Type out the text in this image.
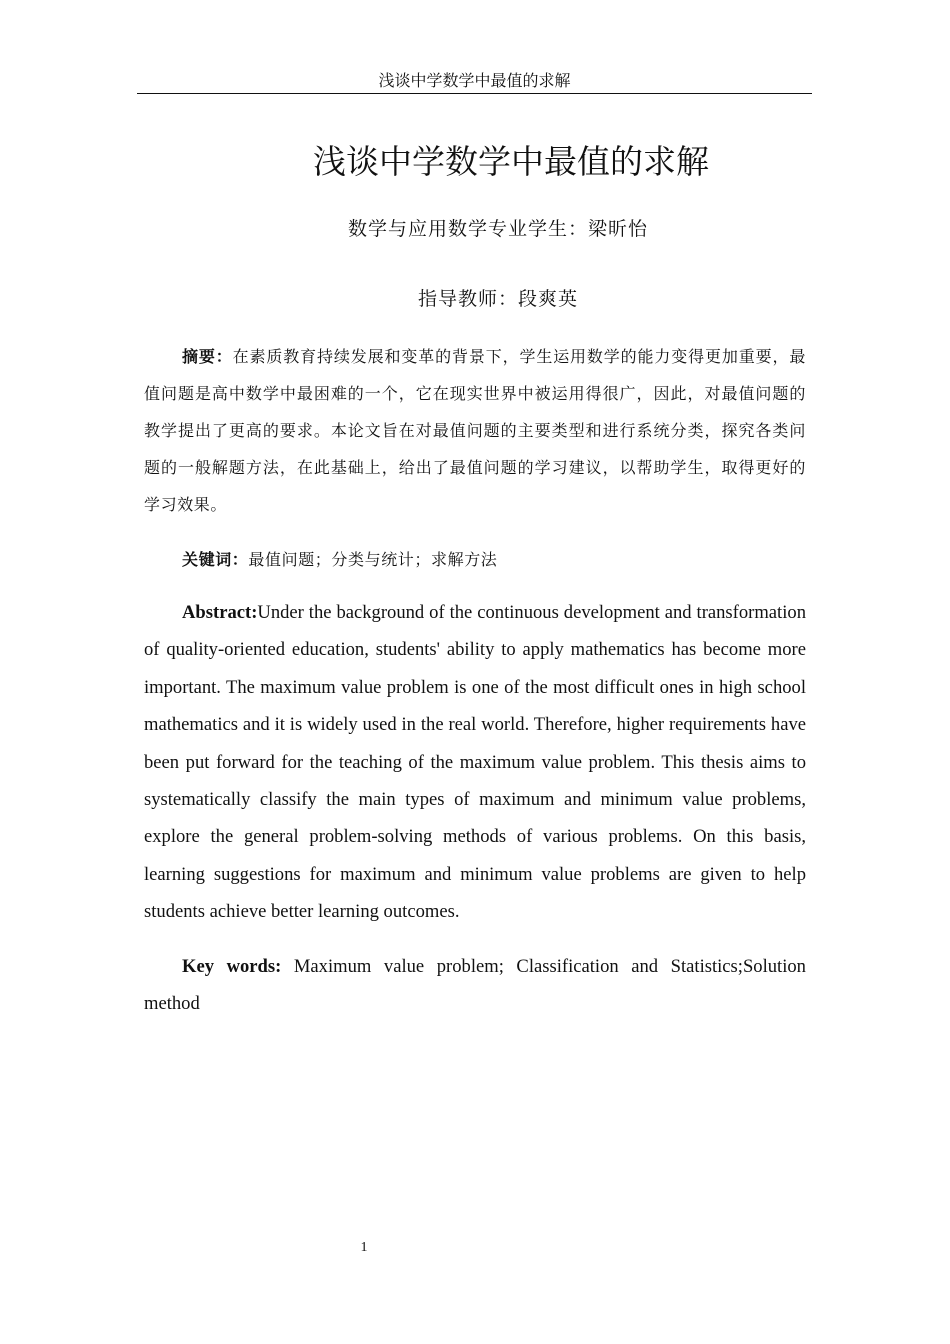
浅谈中学数学中最值的求解
浅谈中学数学中最值的求解
数学与应用数学专业学生：梁昕怡
指导教师：段爽英
摘要：在素质教育持续发展和变革的背景下，学生运用数学的能力变得更加重要，最值问题是高中数学中最困难的一个，它在现实世界中被运用得很广，因此，对最值问题的教学提出了更高的要求。本论文旨在对最值问题的主要类型和进行系统分类，探究各类问题的一般解题方法，在此基础上，给出了最值问题的学习建议，以帮助学生，取得更好的学习效果。
关键词：最值问题；分类与统计；求解方法
Abstract:Under the background of the continuous development and transformation of quality-oriented education, students' ability to apply mathematics has become more important. The maximum value problem is one of the most difficult ones in high school mathematics and it is widely used in the real world. Therefore, higher requirements have been put forward for the teaching of the maximum value problem. This thesis aims to systematically classify the main types of maximum and minimum value problems, explore the general problem-solving methods of various problems. On this basis, learning suggestions for maximum and minimum value problems are given to help students achieve better learning outcomes.
Key words: Maximum value problem; Classification and Statistics;Solution method
1
